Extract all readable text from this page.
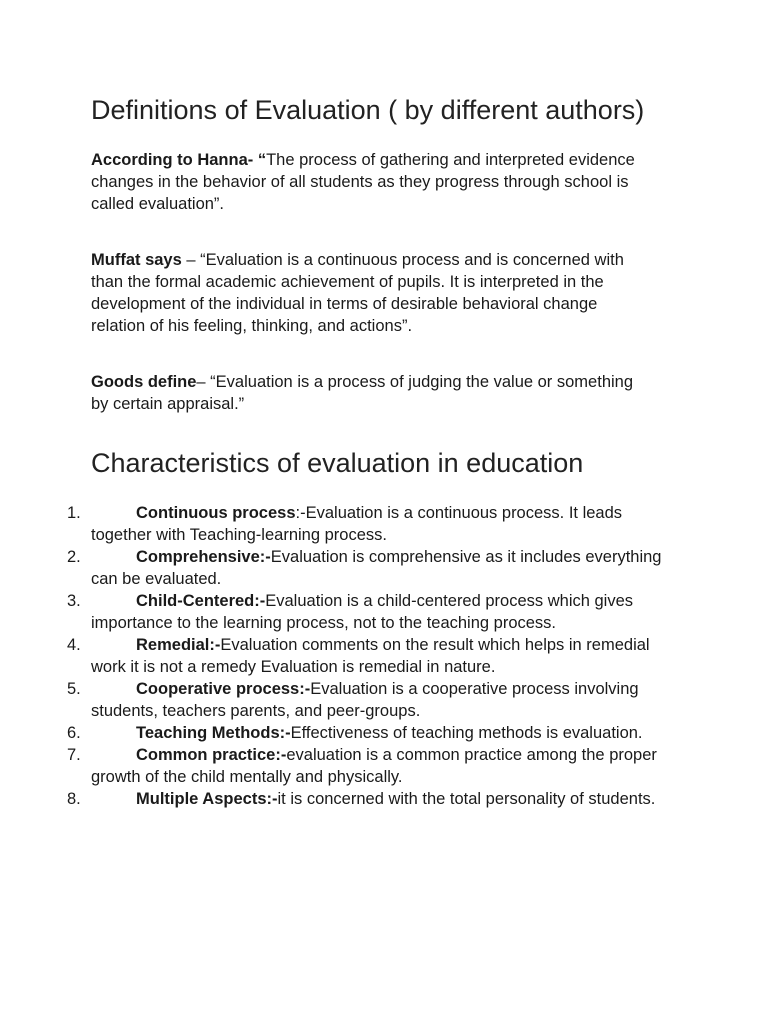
Definitions of Evaluation ( by different authors)

According to Hanna- “The process of gathering and interpreted evidence changes in the behavior of all students as they progress through school is called evaluation”.

Muffat says – “Evaluation is a continuous process and is concerned with than the formal academic achievement of pupils. It is interpreted in the development of the individual in terms of desirable behavioral change relation of his feeling, thinking, and actions”.

Goods define– “Evaluation is a process of judging the value or something by certain appraisal.”

Characteristics of evaluation in education
1.	Continuous process:-Evaluation is a continuous process. It leads together with Teaching-learning process.
2.	Comprehensive:-Evaluation is comprehensive as it includes everything can be evaluated.
3.	Child-Centered:-Evaluation is a child-centered process which gives importance to the learning process, not to the teaching process.
4.	Remedial:-Evaluation comments on the result which helps in remedial work it is not a remedy Evaluation is remedial in nature.
5.	Cooperative process:-Evaluation is a cooperative process involving students, teachers parents, and peer-groups.
6.	Teaching Methods:-Effectiveness of teaching methods is evaluation.
7.	Common practice:-evaluation is a common practice among the proper growth of the child mentally and physically.
8.	Multiple Aspects:-it is concerned with the total personality of students.
